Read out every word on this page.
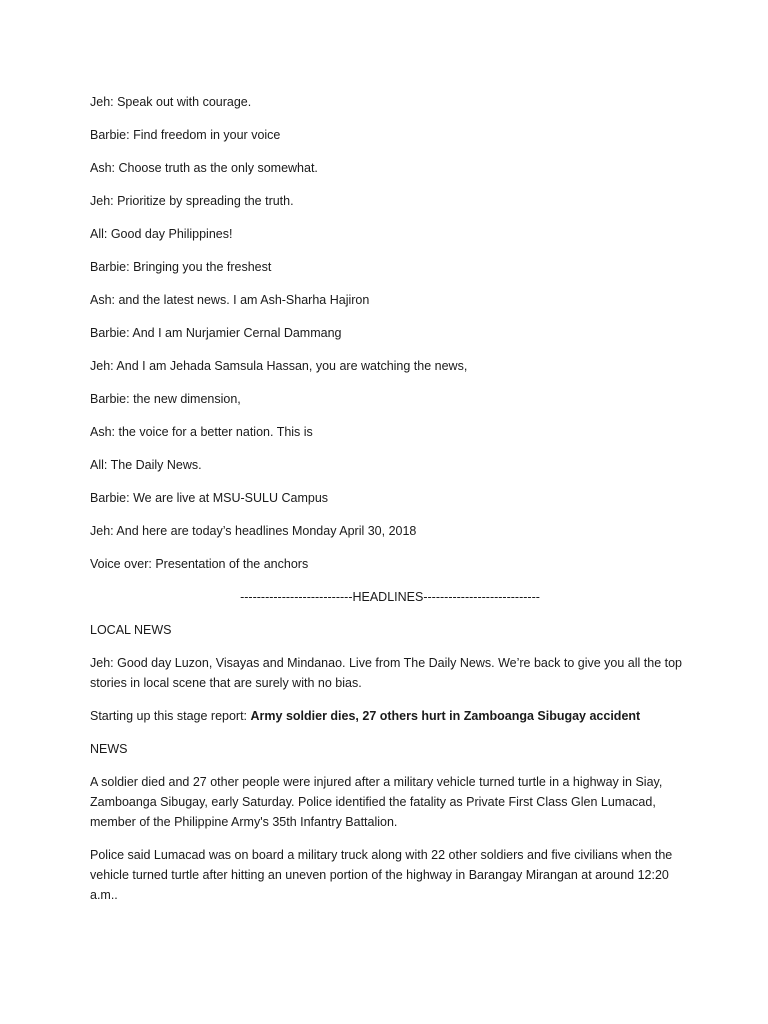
Jeh: Speak out with courage.
Barbie: Find freedom in your voice
Ash: Choose truth as the only somewhat.
Jeh: Prioritize by spreading the truth.
All: Good day Philippines!
Barbie: Bringing you the freshest
Ash: and the latest news. I am Ash-Sharha Hajiron
Barbie: And I am Nurjamier Cernal Dammang
Jeh: And I am Jehada Samsula Hassan, you are watching the news,
Barbie: the new dimension,
Ash: the voice for a better nation. This is
All: The Daily News.
Barbie: We are live at MSU-SULU Campus
Jeh: And here are today’s headlines Monday April 30, 2018
Voice over: Presentation of the anchors
---------------------------HEADLINES----------------------------
LOCAL NEWS
Jeh: Good day Luzon, Visayas and Mindanao. Live from The Daily News. We’re back to give you all the top stories in local scene that are surely with no bias.
Starting up this stage report: Army soldier dies, 27 others hurt in Zamboanga Sibugay accident
NEWS
A soldier died and 27 other people were injured after a military vehicle turned turtle in a highway in Siay, Zamboanga Sibugay, early Saturday. Police identified the fatality as Private First Class Glen Lumacad, member of the Philippine Army's 35th Infantry Battalion.
Police said Lumacad was on board a military truck along with 22 other soldiers and five civilians when the vehicle turned turtle after hitting an uneven portion of the highway in Barangay Mirangan at around 12:20 a.m..
